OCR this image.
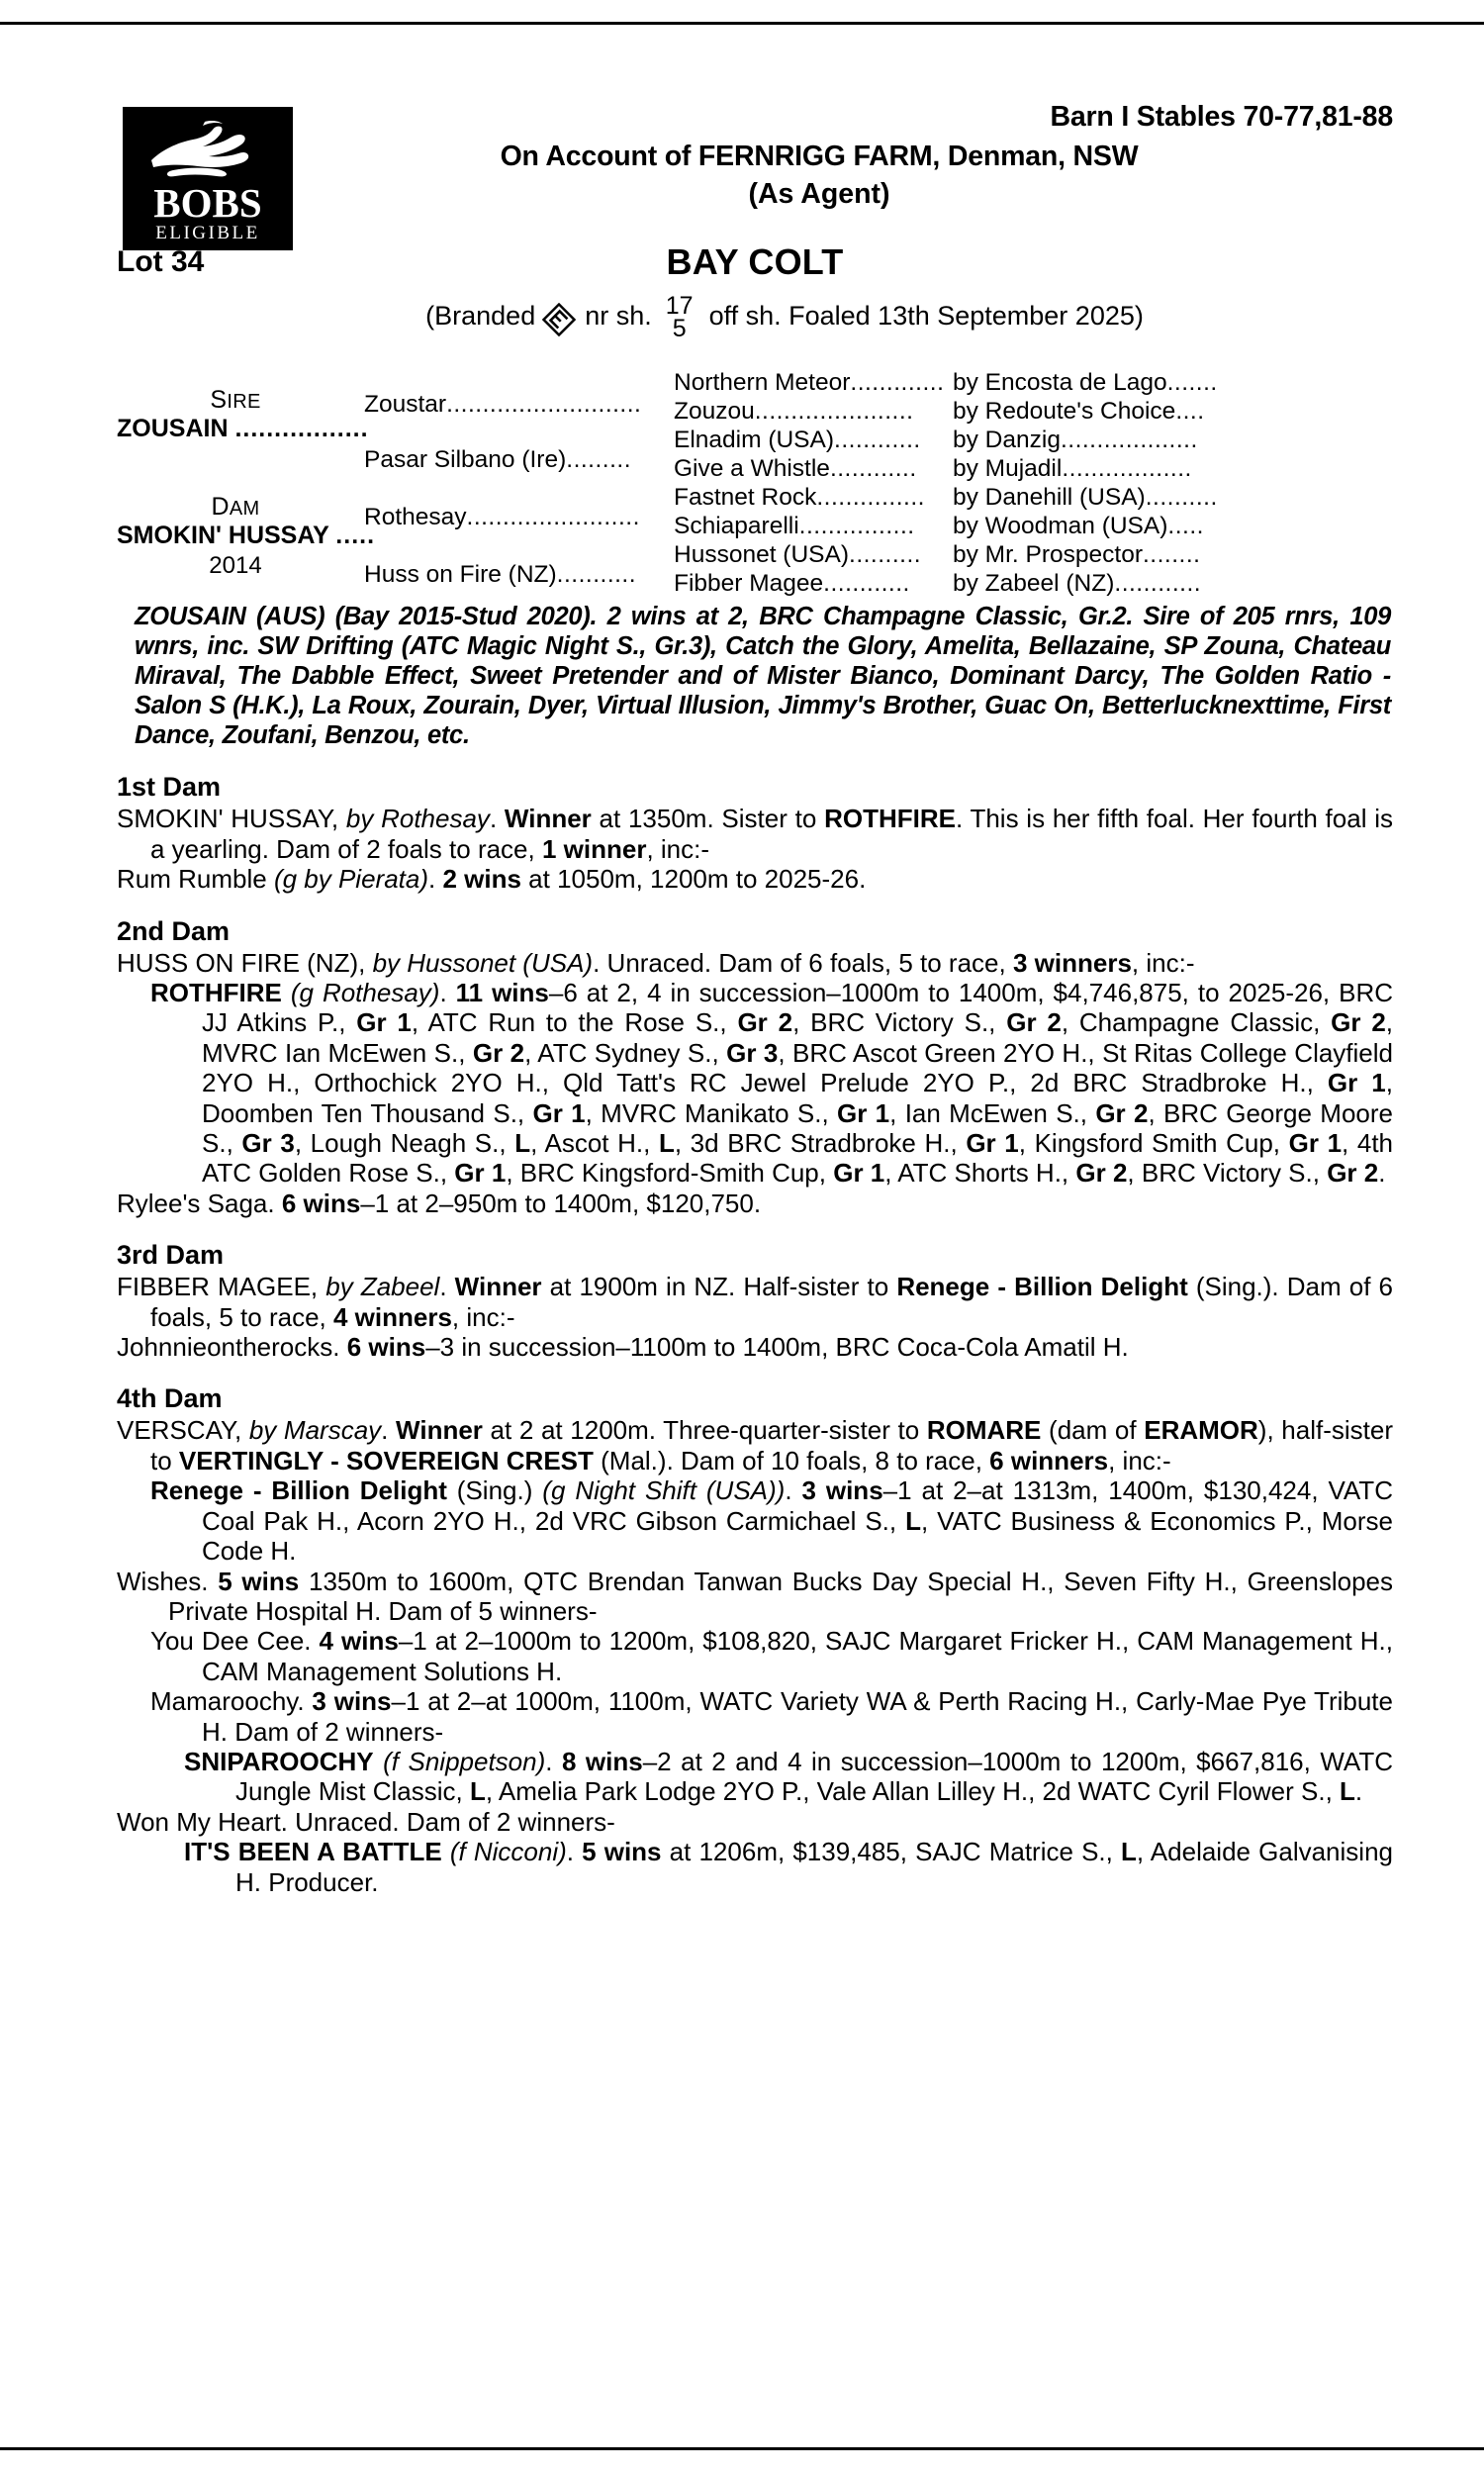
BOBS
ELIGIBLE
Barn I Stables 70-77,81-88
On Account of FERNRIGG FARM, Denman, NSW
(As Agent)
Lot 34	BAY COLT
(Branded nr sh. 17
5 off sh. Foaled 13th September 2025)
SIRE
ZOUSAIN .................
DAM
SMOKIN' HUSSAY .....
2014
Zoustar...........................
Pasar Silbano (Ire).........
Rothesay........................
Huss on Fire (NZ)...........
Northern Meteor.............
Zouzou......................
Elnadim (USA)............
Give a Whistle............
Fastnet Rock...............
Schiaparelli................
Hussonet (USA)..........
Fibber Magee............
by Encosta de Lago.......
by Redoute's Choice....
by Danzig...................
by Mujadil..................
by Danehill (USA)..........
by Woodman (USA).....
by Mr. Prospector........
by Zabeel (NZ)............
ZOUSAIN (AUS) (Bay 2015-Stud 2020). 2 wins at 2, BRC Champagne Classic, Gr.2. Sire of 205 rnrs, 109 wnrs, inc. SW Drifting (ATC Magic Night S., Gr.3), Catch the Glory, Amelita, Bellazaine, SP Zouna, Chateau Miraval, The Dabble Effect, Sweet Pretender and of Mister Bianco, Dominant Darcy, The Golden Ratio - Salon S (H.K.), La Roux, Zourain, Dyer, Virtual Illusion, Jimmy's Brother, Guac On, Betterlucknexttime, First Dance, Zoufani, Benzou, etc.
1st Dam

SMOKIN' HUSSAY, by Rothesay. Winner at 1350m. Sister to ROTHFIRE. This is her fifth foal. Her fourth foal is a yearling. Dam of 2 foals to race, 1 winner, inc:-

Rum Rumble (g by Pierata). 2 wins at 1050m, 1200m to 2025-26.

2nd Dam

HUSS ON FIRE (NZ), by Hussonet (USA). Unraced. Dam of 6 foals, 5 to race, 3 winners, inc:-

ROTHFIRE (g Rothesay). 11 wins–6 at 2, 4 in succession–1000m to 1400m, $4,746,875, to 2025-26, BRC JJ Atkins P., Gr 1, ATC Run to the Rose S., Gr 2, BRC Victory S., Gr 2, Champagne Classic, Gr 2, MVRC Ian McEwen S., Gr 2, ATC Sydney S., Gr 3, BRC Ascot Green 2YO H., St Ritas College Clayfield 2YO H., Orthochick 2YO H., Qld Tatt's RC Jewel Prelude 2YO P., 2d BRC Stradbroke H., Gr 1, Doomben Ten Thousand S., Gr 1, MVRC Manikato S., Gr 1, Ian McEwen S., Gr 2, BRC George Moore S., Gr 3, Lough Neagh S., L, Ascot H., L, 3d BRC Stradbroke H., Gr 1, Kingsford Smith Cup, Gr 1, 4th ATC Golden Rose S., Gr 1, BRC Kingsford-Smith Cup, Gr 1, ATC Shorts H., Gr 2, BRC Victory S., Gr 2.

Rylee's Saga. 6 wins–1 at 2–950m to 1400m, $120,750.

3rd Dam

FIBBER MAGEE, by Zabeel. Winner at 1900m in NZ. Half-sister to Renege - Billion Delight (Sing.). Dam of 6 foals, 5 to race, 4 winners, inc:-

Johnnieontherocks. 6 wins–3 in succession–1100m to 1400m, BRC Coca-Cola Amatil H.

4th Dam

VERSCAY, by Marscay. Winner at 2 at 1200m. Three-quarter-sister to ROMARE (dam of ERAMOR), half-sister to VERTINGLY - SOVEREIGN CREST (Mal.). Dam of 10 foals, 8 to race, 6 winners, inc:-

Renege - Billion Delight (Sing.) (g Night Shift (USA)). 3 wins–1 at 2–at 1313m, 1400m, $130,424, VATC Coal Pak H., Acorn 2YO H., 2d VRC Gibson Carmichael S., L, VATC Business & Economics P., Morse Code H.

Wishes. 5 wins 1350m to 1600m, QTC Brendan Tanwan Bucks Day Special H., Seven Fifty H., Greenslopes Private Hospital H. Dam of 5 winners-

You Dee Cee. 4 wins–1 at 2–1000m to 1200m, $108,820, SAJC Margaret Fricker H., CAM Management H., CAM Management Solutions H.

Mamaroochy. 3 wins–1 at 2–at 1000m, 1100m, WATC Variety WA & Perth Racing H., Carly-Mae Pye Tribute H. Dam of 2 winners-

SNIPAROOCHY (f Snippetson). 8 wins–2 at 2 and 4 in succession–1000m to 1200m, $667,816, WATC Jungle Mist Classic, L, Amelia Park Lodge 2YO P., Vale Allan Lilley H., 2d WATC Cyril Flower S., L.

Won My Heart. Unraced. Dam of 2 winners-

IT'S BEEN A BATTLE (f Nicconi). 5 wins at 1206m, $139,485, SAJC Matrice S., L, Adelaide Galvanising H. Producer.
